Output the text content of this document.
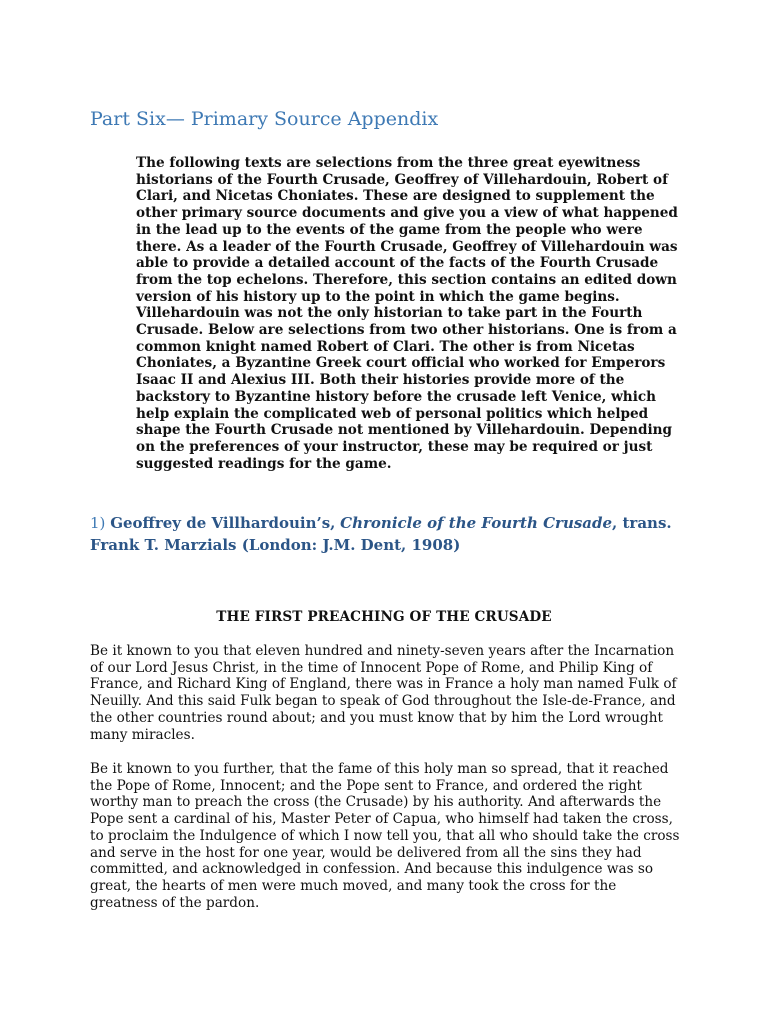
Part Six— Primary Source Appendix

The following texts are selections from the three great eyewitness historians of the Fourth Crusade, Geoffrey of Villehardouin, Robert of Clari, and Nicetas Choniates. These are designed to supplement the other primary source documents and give you a view of what happened in the lead up to the events of the game from the people who were there. As a leader of the Fourth Crusade, Geoffrey of Villehardouin was able to provide a detailed account of the facts of the Fourth Crusade from the top echelons. Therefore, this section contains an edited down version of his history up to the point in which the game begins. Villehardouin was not the only historian to take part in the Fourth Crusade. Below are selections from two other historians. One is from a common knight named Robert of Clari. The other is from Nicetas Choniates, a Byzantine Greek court official who worked for Emperors Isaac II and Alexius III. Both their histories provide more of the backstory to Byzantine history before the crusade left Venice, which help explain the complicated web of personal politics which helped shape the Fourth Crusade not mentioned by Villehardouin. Depending on the preferences of your instructor, these may be required or just suggested readings for the game.

1) Geoffrey de Villhardouin’s, Chronicle of the Fourth Crusade, trans. Frank T. Marzials (London: J.M. Dent, 1908)

THE FIRST PREACHING OF THE CRUSADE

Be it known to you that eleven hundred and ninety-seven years after the Incarnation of our Lord Jesus Christ, in the time of Innocent Pope of Rome, and Philip King of France, and Richard King of England, there was in France a holy man named Fulk of Neuilly. And this said Fulk began to speak of God throughout the Isle-de-France, and the other countries round about; and you must know that by him the Lord wrought many miracles.

Be it known to you further, that the fame of this holy man so spread, that it reached the Pope of Rome, Innocent; and the Pope sent to France, and ordered the right worthy man to preach the cross (the Crusade) by his authority. And afterwards the Pope sent a cardinal of his, Master Peter of Capua, who himself had taken the cross, to proclaim the Indulgence of which I now tell you, that all who should take the cross and serve in the host for one year, would be delivered from all the sins they had committed, and acknowledged in confession. And because this indulgence was so great, the hearts of men were much moved, and many took the cross for the greatness of the pardon.
